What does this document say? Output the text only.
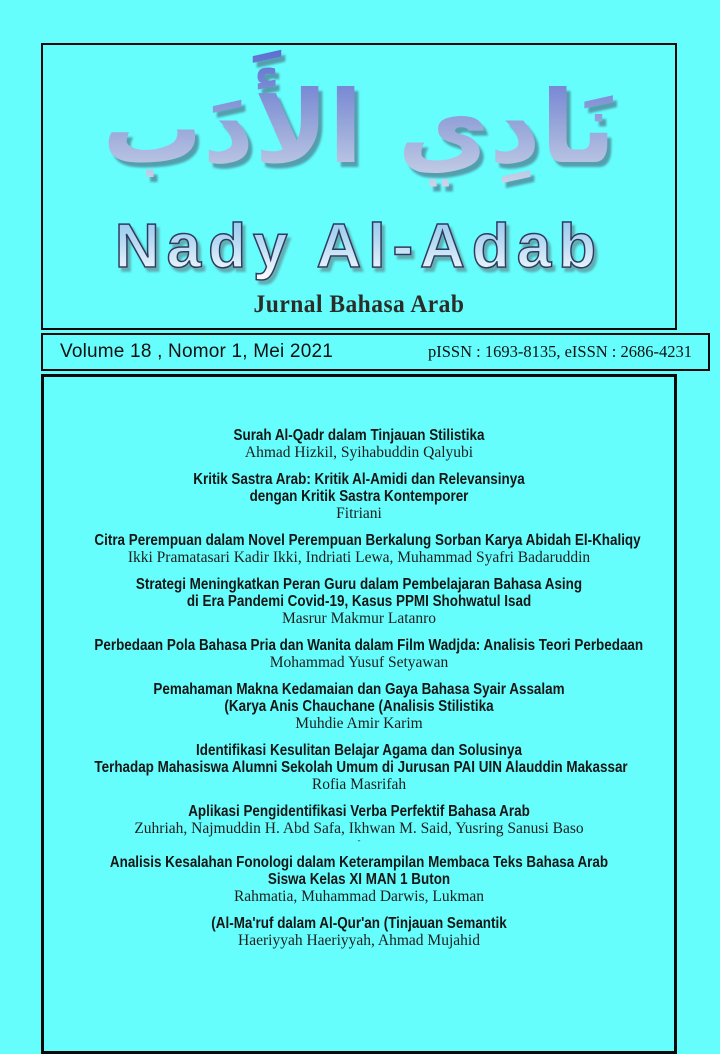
نَادِي الأَدَب
Nady Al-Adab
Jurnal Bahasa Arab
Volume 18 , Nomor 1, Mei 2021	pISSN : 1693-8135, eISSN : 2686-4231
Surah Al-Qadr dalam Tinjauan Stilistika
Ahmad Hizkil, Syihabuddin Qalyubi
Kritik Sastra Arab: Kritik Al-Amidi dan Relevansinya
dengan Kritik Sastra Kontemporer
Fitriani
Citra Perempuan dalam Novel Perempuan Berkalung Sorban Karya Abidah El-Khaliqy
Ikki Pramatasari Kadir Ikki, Indriati Lewa, Muhammad Syafri Badaruddin
Strategi Meningkatkan Peran Guru dalam Pembelajaran Bahasa Asing
di Era Pandemi Covid-19, Kasus PPMI Shohwatul Isad
Masrur Makmur Latanro
Perbedaan Pola Bahasa Pria dan Wanita dalam Film Wadjda: Analisis Teori Perbedaan
Mohammad Yusuf Setyawan
Pemahaman Makna Kedamaian dan Gaya Bahasa Syair Assalam
(Karya Anis Chauchane (Analisis Stilistika
Muhdie Amir Karim
Identifikasi Kesulitan Belajar Agama dan Solusinya
Terhadap Mahasiswa Alumni Sekolah Umum di Jurusan PAI UIN Alauddin Makassar
Rofia Masrifah
Aplikasi Pengidentifikasi Verba Perfektif Bahasa Arab
Zuhriah, Najmuddin H. Abd Safa, Ikhwan M. Said, Yusring Sanusi Baso
-
Analisis Kesalahan Fonologi dalam Keterampilan Membaca Teks Bahasa Arab
Siswa Kelas XI MAN 1 Buton
Rahmatia, Muhammad Darwis, Lukman
(Al-Ma'ruf dalam Al-Qur'an (Tinjauan Semantik
Haeriyyah Haeriyyah, Ahmad Mujahid
